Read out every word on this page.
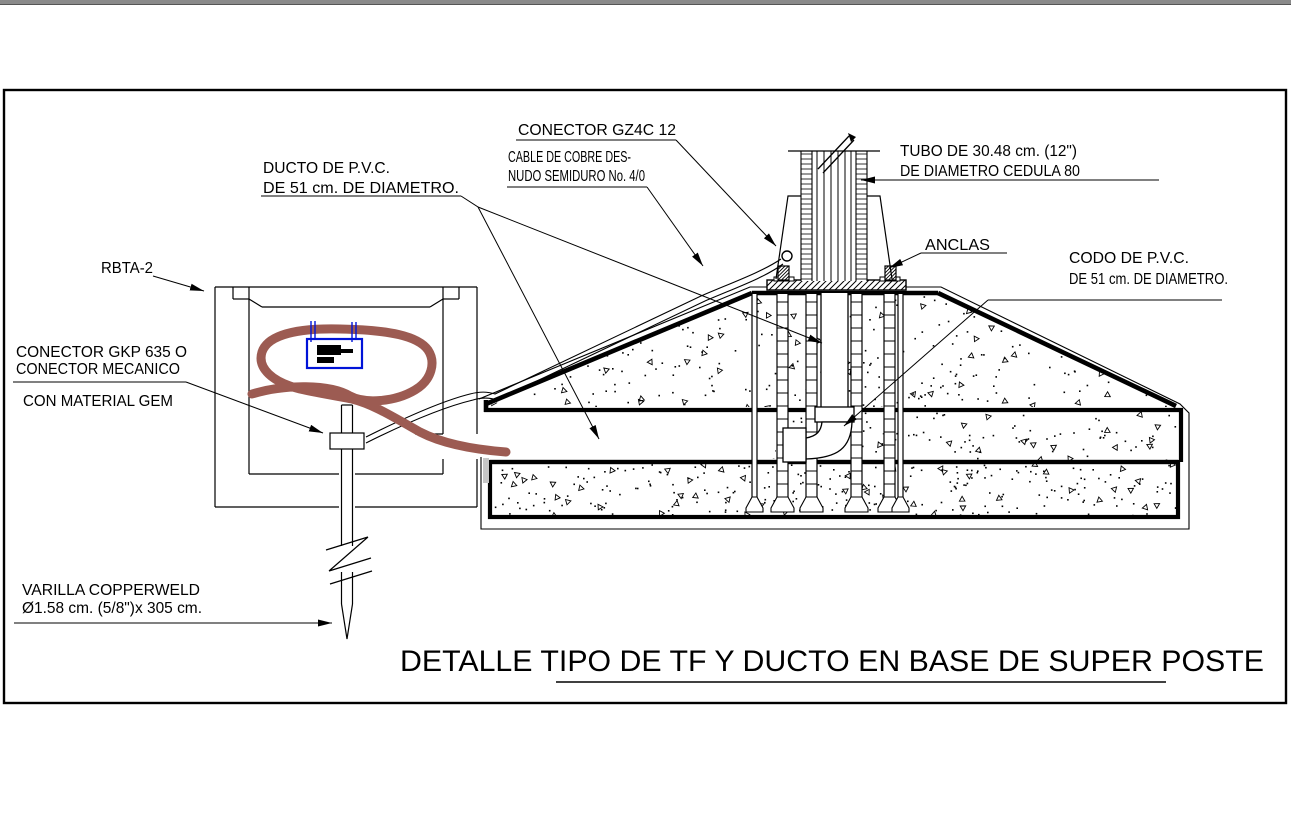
CONECTOR GZ4C 12
CABLE DE COBRE DES-
NUDO SEMIDURO No. 4/0
DUCTO DE P.V.C.
DE 51 cm. DE DIAMETRO.
TUBO DE 30.48 cm. (12")
DE DIAMETRO CEDULA 80
ANCLAS
CODO DE P.V.C.
DE 51 cm. DE DIAMETRO.
RBTA-2
CONECTOR GKP 635 O
CONECTOR MECANICO
CON MATERIAL GEM
VARILLA COPPERWELD
Ø1.58 cm. (5/8")x 305 cm.
DETALLE TIPO DE TF Y DUCTO EN BASE DE SUPER POSTE
